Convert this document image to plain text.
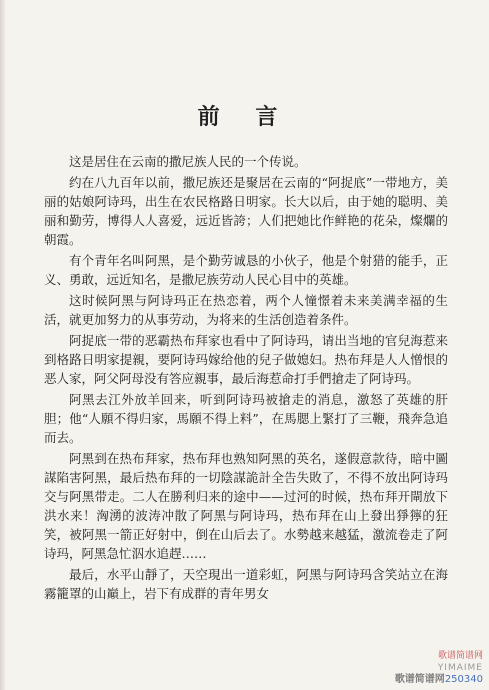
前 言

这是居住在云南的撒尼族人民的一个传说。

约在八九百年以前，撒尼族还是聚居在云南的“阿捉底”一带地方，美丽的姑娘阿诗玛，出生在农民格路日明家。长大以后，由于她的聪明、美丽和勤劳，博得人人喜爱，远近皆誇；人们把她比作鲜艳的花朵，燦爛的朝霞。

有个青年名叫阿黑，是个勤劳诚恳的小伙子，他是个射猎的能手，正义、勇敢，远近知名，是撒尼族劳动人民心目中的英雄。

这时候阿黑与阿诗玛正在热恋着，两个人憧憬着未来美满幸福的生活，就更加努力的从事劳动，为将来的生活创造着条件。

阿捉底一带的恶霸热布拜家也看中了阿诗玛，请出当地的官兒海惹来到格路日明家提親，要阿诗玛嫁给他的兒子做媳妇。热布拜是人人憎恨的恶人家，阿父阿母没有答应親事，最后海惹命打手們搶走了阿诗玛。

阿黑去江外放羊回来，听到阿诗玛被搶走的消息，激怒了英雄的肝胆；他“人願不得归家，馬願不得上料”，在馬腮上緊打了三鞭，飛奔急追而去。

阿黑到在热布拜家，热布拜也熟知阿黑的英名，遂假意款待，暗中圖謀陷害阿黑，最后热布拜的一切陰謀詭計全告失敗了，不得不放出阿诗玛交与阿黑带走。二人在勝利归来的途中——过河的时候，热布拜开閘放下洪水来！洶湧的波涛冲散了阿黑与阿诗玛，热布拜在山上發出猙獰的狂笑，被阿黑一箭正好射中，倒在山后去了。水勢越来越猛，激流卷走了阿诗玛，阿黑急忙泅水追趕……

最后，水平山靜了，天空現出一道彩虹，阿黑与阿诗玛含笑站立在海霧籠罩的山巔上，岩下有成群的青年男女

歌谱简谱网
YIMAIME
歌谱简谱网250340
